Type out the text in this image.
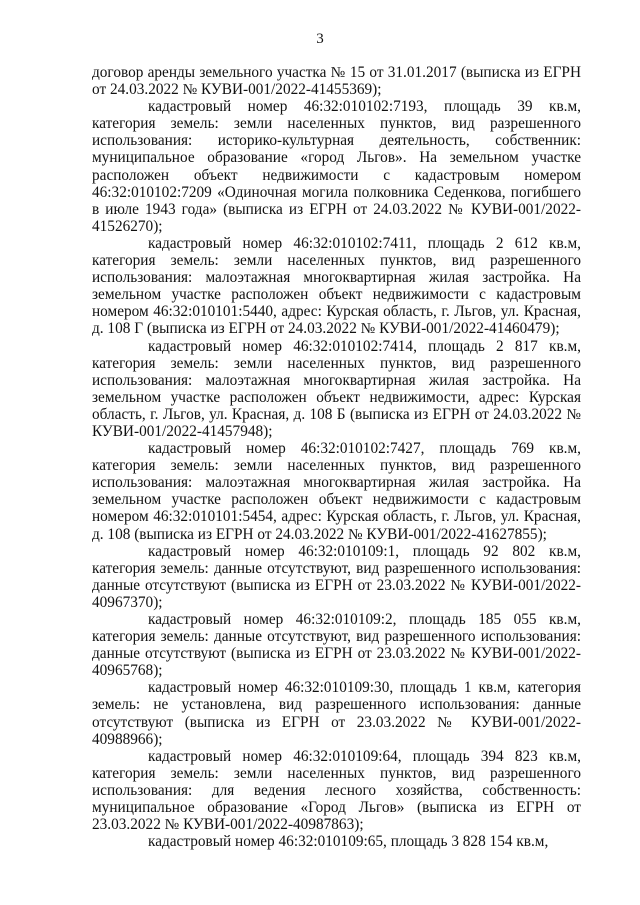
3

договор аренды земельного участка № 15 от 31.01.2017 (выписка из ЕГРН от 24.03.2022 № КУВИ-001/2022-41455369);

кадастровый номер 46:32:010102:7193, площадь 39 кв.м, категория земель: земли населенных пунктов, вид разрешенного использования: историко-культурная деятельность, собственник: муниципальное образование «город Льгов». На земельном участке расположен объект недвижимости с кадастровым номером 46:32:010102:7209 «Одиночная могила полковника Седенкова, погибшего в июле 1943 года» (выписка из ЕГРН от 24.03.2022 № КУВИ-001/2022-41526270);

кадастровый номер 46:32:010102:7411, площадь 2 612 кв.м, категория земель: земли населенных пунктов, вид разрешенного использования: малоэтажная многоквартирная жилая застройка. На земельном участке расположен объект недвижимости с кадастровым номером 46:32:010101:5440, адрес: Курская область, г. Льгов, ул. Красная, д. 108 Г (выписка из ЕГРН от 24.03.2022 № КУВИ-001/2022-41460479);

кадастровый номер 46:32:010102:7414, площадь 2 817 кв.м, категория земель: земли населенных пунктов, вид разрешенного использования: малоэтажная многоквартирная жилая застройка. На земельном участке расположен объект недвижимости, адрес: Курская область, г. Льгов, ул. Красная, д. 108 Б (выписка из ЕГРН от 24.03.2022 № КУВИ-001/2022-41457948);

кадастровый номер 46:32:010102:7427, площадь 769 кв.м, категория земель: земли населенных пунктов, вид разрешенного использования: малоэтажная многоквартирная жилая застройка. На земельном участке расположен объект недвижимости с кадастровым номером 46:32:010101:5454, адрес: Курская область, г. Льгов, ул. Красная, д. 108 (выписка из ЕГРН от 24.03.2022 № КУВИ-001/2022-41627855);

кадастровый номер 46:32:010109:1, площадь 92 802 кв.м, категория земель: данные отсутствуют, вид разрешенного использования: данные отсутствуют (выписка из ЕГРН от 23.03.2022 № КУВИ-001/2022-40967370);

кадастровый номер 46:32:010109:2, площадь 185 055 кв.м, категория земель: данные отсутствуют, вид разрешенного использования: данные отсутствуют (выписка из ЕГРН от 23.03.2022 № КУВИ-001/2022-40965768);

кадастровый номер 46:32:010109:30, площадь 1 кв.м, категория земель: не установлена, вид разрешенного использования: данные отсутствуют (выписка из ЕГРН от 23.03.2022 № КУВИ-001/2022-40988966);

кадастровый номер 46:32:010109:64, площадь 394 823 кв.м, категория земель: земли населенных пунктов, вид разрешенного использования: для ведения лесного хозяйства, собственность: муниципальное образование «Город Льгов» (выписка из ЕГРН от 23.03.2022 № КУВИ-001/2022-40987863);

кадастровый номер 46:32:010109:65, площадь 3 828 154 кв.м,
